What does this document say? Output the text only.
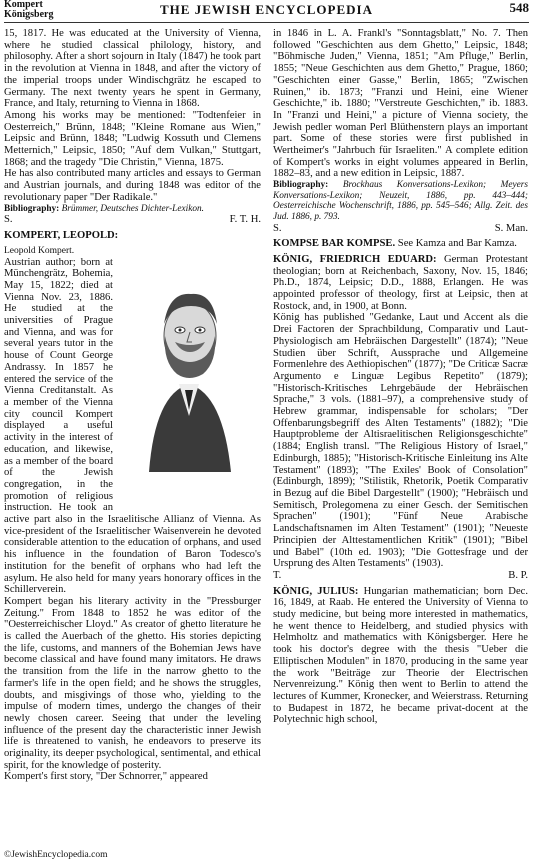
Kompert
Königsberg	THE JEWISH ENCYCLOPEDIA	548

15, 1817. He was educated at the University of Vienna, where he studied classical philology, history, and philosophy. After a short sojourn in Italy (1847) he took part in the revolution at Vienna in 1848, and after the victory of the imperial troops under Windischgrätz he escaped to Germany. The next twenty years he spent in Germany, France, and Italy, returning to Vienna in 1868.

Among his works may be mentioned: "Todtenfeier in Oesterreich," Brünn, 1848; "Kleine Romane aus Wien," Leipsic and Brünn, 1848; "Ludwig Kossuth und Clemens Metternich," Leipsic, 1850; "Auf dem Vulkan," Stuttgart, 1868; and the tragedy "Die Christin," Vienna, 1875.

He has also contributed many articles and essays to German and Austrian journals, and during 1848 was editor of the revolutionary paper "Der Radikale."

Bibliography: Brümmer, Deutsches Dichter-Lexikon.

S.	F. T. H.

KOMPERT, LEOPOLD:

Leopold Kompert.
Austrian author; born at Münchengrätz, Bohemia, May 15, 1822; died at Vienna Nov. 23, 1886. He studied at the universities of Prague and Vienna, and was for several years tutor in the house of Count George Andrassy. In 1857 he entered the service of the Vienna Creditanstalt. As a member of the Vienna city council Kompert displayed a useful activity in the interest of education, and likewise, as a member of the board of the Jewish congregation, in the promotion of religious instruction. He took an active part also in the Israelitische Allianz of Vienna. As vice-president of the Israelitischer Waisenverein he devoted considerable attention to the education of orphans, and used his influence in the foundation of Baron Todesco's institution for the benefit of orphans who had left the asylum. He also held for many years honorary offices in the Schillerverein.

Kompert began his literary activity in the "Pressburger Zeitung." From 1848 to 1852 he was editor of the "Oesterreichischer Lloyd." As creator of ghetto literature he is called the Auerbach of the ghetto. His stories depicting the life, customs, and manners of the Bohemian Jews have become classical and have found many imitators. He draws the transition from the life in the narrow ghetto to the farmer's life in the open field; and he shows the struggles, doubts, and misgivings of those who, yielding to the impulse of modern times, undergo the changes of their newly chosen career. Seeing that under the leveling influence of the present day the characteristic inner Jewish life is threatened to vanish, he endeavors to preserve its originality, its deeper psychological, sentimental, and ethical spirit, for the knowledge of posterity.

Kompert's first story, "Der Schnorrer," appeared

in 1846 in L. A. Frankl's "Sonntagsblatt," No. 7. Then followed "Geschichten aus dem Ghetto," Leipsic, 1848; "Böhmische Juden," Vienna, 1851; "Am Pfluge," Berlin, 1855; "Neue Geschichten aus dem Ghetto," Prague, 1860; "Geschichten einer Gasse," Berlin, 1865; "Zwischen Ruinen," ib. 1873; "Franzi und Heini, eine Wiener Geschichte," ib. 1880; "Verstreute Geschichten," ib. 1883. In "Franzi und Heini," a picture of Vienna society, the Jewish pedler woman Perl Blüthenstern plays an important part. Some of these stories were first published in Wertheimer's "Jahrbuch für Israeliten." A complete edition of Kompert's works in eight volumes appeared in Berlin, 1882–83, and a new edition in Leipsic, 1887.

Bibliography: Brockhaus Konversations-Lexikon; Meyers Konversations-Lexikon; Neuzeit, 1886, pp. 443–444; Oesterreichische Wochenschrift, 1886, pp. 545–546; Allg. Zeit. des Jud. 1886, p. 793.

S.	S. Man.

KOMPSE BAR KOMPSE. See Kamza and Bar Kamza.

KÖNIG, FRIEDRICH EDUARD: German Protestant theologian; born at Reichenbach, Saxony, Nov. 15, 1846; Ph.D., 1874, Leipsic; D.D., 1888, Erlangen. He was appointed professor of theology, first at Leipsic, then at Rostock, and, in 1900, at Bonn.

König has published "Gedanke, Laut und Accent als die Drei Factoren der Sprachbildung, Comparativ und Laut-Physiologisch am Hebräischen Dargestellt" (1874); "Neue Studien über Schrift, Aussprache und Allgemeine Formenlehre des Aethiopischen" (1877); "De Criticæ Sacræ Argumento e Linguæ Legibus Repetito" (1879); "Historisch-Kritisches Lehrgebäude der Hebräischen Sprache," 3 vols. (1881–97), a comprehensive study of Hebrew grammar, indispensable for scholars; "Der Offenbarungsbegriff des Alten Testaments" (1882); "Die Hauptprobleme der Altisraelitischen Religionsgeschichte" (1884; English transl. "The Religious History of Israel," Edinburgh, 1885); "Historisch-Kritische Einleitung ins Alte Testament" (1893); "The Exiles' Book of Consolation" (Edinburgh, 1899); "Stilistik, Rhetorik, Poetik Comparativ in Bezug auf die Bibel Dargestellt" (1900); "Hebräisch und Semitisch, Prolegomena zu einer Gesch. der Semitischen Sprachen" (1901); "Fünf Neue Arabische Landschaftsnamen im Alten Testament" (1901); "Neueste Principien der Alttestamentlichen Kritik" (1901); "Bibel und Babel" (10th ed. 1903); "Die Gottesfrage und der Ursprung des Alten Testaments" (1903).

T.	B. P.

KÖNIG, JULIUS: Hungarian mathematician; born Dec. 16, 1849, at Raab. He entered the University of Vienna to study medicine, but being more interested in mathematics, he went thence to Heidelberg, and studied physics with Helmholtz and mathematics with Königsberger. Here he took his doctor's degree with the thesis "Ueber die Elliptischen Modulen" in 1870, producing in the same year the work "Beiträge zur Theorie der Electrischen Nervenreizung." König then went to Berlin to attend the lectures of Kummer, Kronecker, and Weierstrass. Returning to Budapest in 1872, he became privat-docent at the Polytechnic high school,

©JewishEncyclopedia.com
